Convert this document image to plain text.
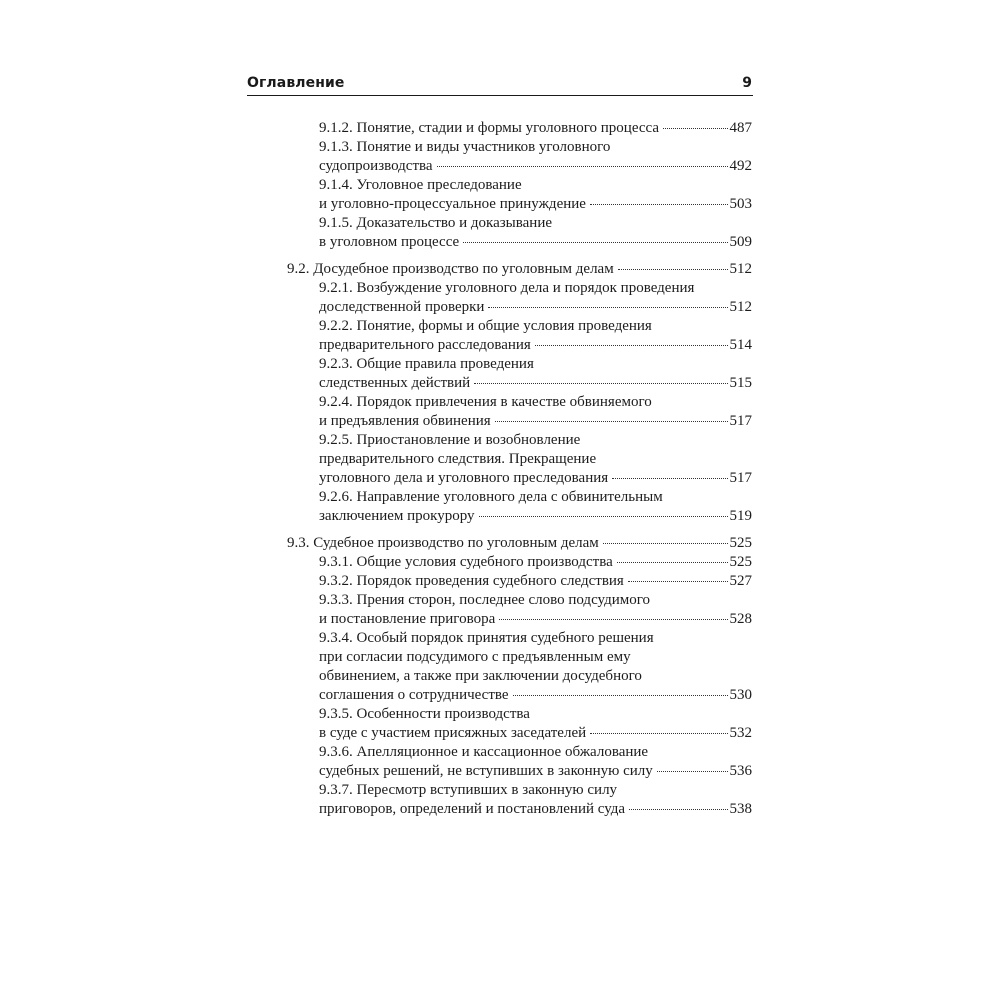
Оглавление	9
9.1.2. Понятие, стадии и формы уголовного процесса	487
9.1.3. Понятие и виды участников уголовного
судопроизводства	492
9.1.4. Уголовное преследование
и уголовно-процессуальное принуждение	503
9.1.5. Доказательство и доказывание
в уголовном процессе	509
9.2. Досудебное производство по уголовным делам	512
9.2.1. Возбуждение уголовного дела и порядок проведения
доследственной проверки	512
9.2.2. Понятие, формы и общие условия проведения
предварительного расследования	514
9.2.3. Общие правила проведения
следственных действий	515
9.2.4. Порядок привлечения в качестве обвиняемого
и предъявления обвинения	517
9.2.5. Приостановление и возобновление
предварительного следствия. Прекращение
уголовного дела и уголовного преследования	517
9.2.6. Направление уголовного дела с обвинительным
заключением прокурору	519
9.3. Судебное производство по уголовным делам	525
9.3.1. Общие условия судебного производства	525
9.3.2. Порядок проведения судебного следствия	527
9.3.3. Прения сторон, последнее слово подсудимого
и постановление приговора	528
9.3.4. Особый порядок принятия судебного решения
при согласии подсудимого с предъявленным ему
обвинением, а также при заключении досудебного
соглашения о сотрудничестве	530
9.3.5. Особенности производства
в суде с участием присяжных заседателей	532
9.3.6. Апелляционное и кассационное обжалование
судебных решений, не вступивших в законную силу	536
9.3.7. Пересмотр вступивших в законную силу
приговоров, определений и постановлений суда	538
